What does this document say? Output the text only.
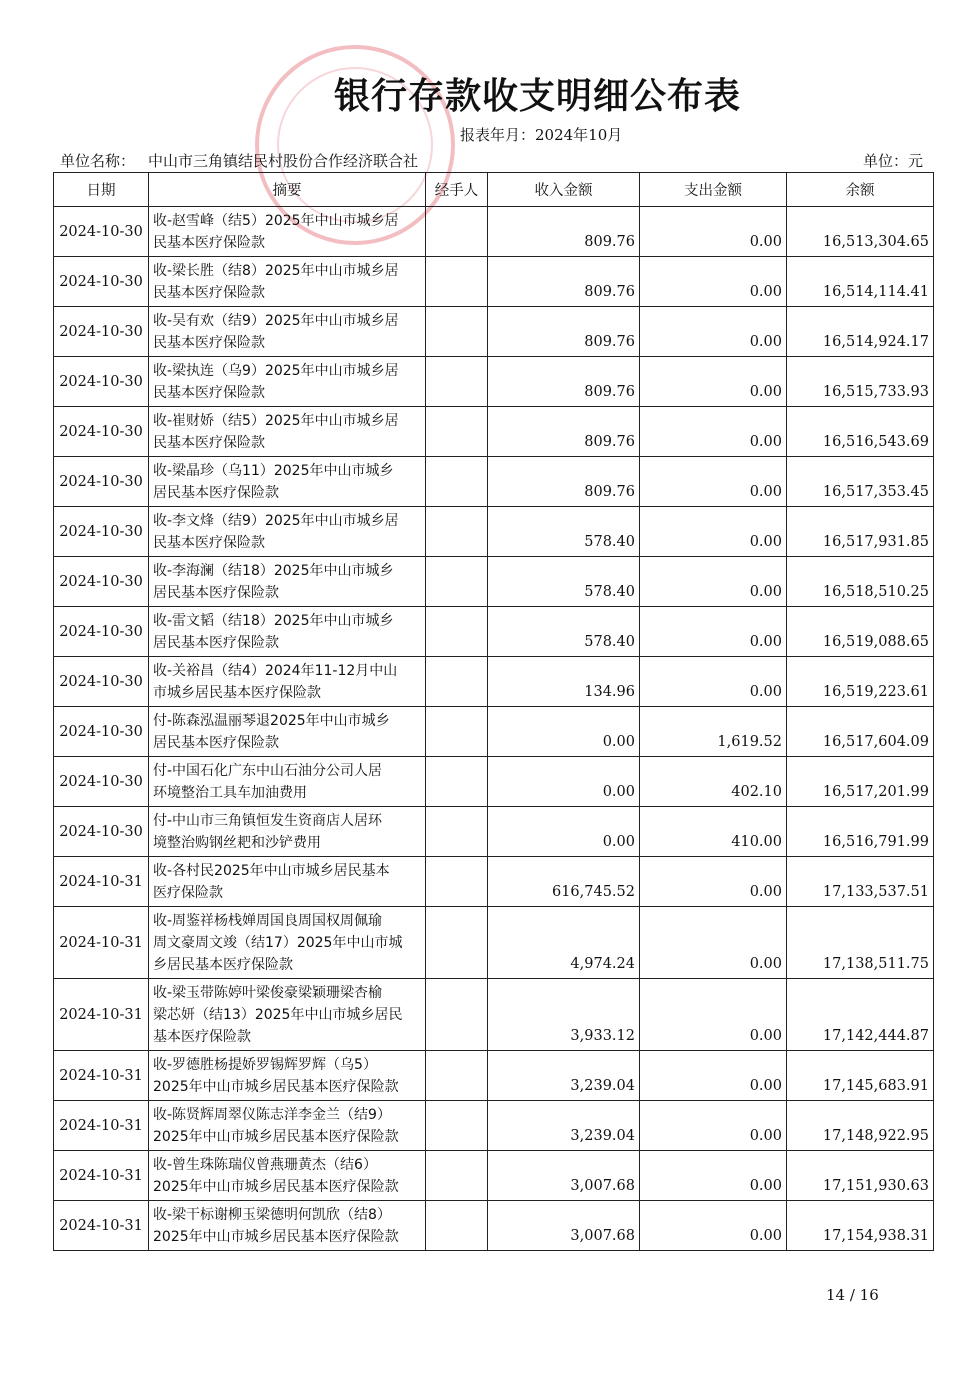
银行存款收支明细公布表
报表年月：2024年10月
单位名称： 中山市三角镇结民村股份合作经济联合社	单位：元
日期	摘要	经手人	收入金额	支出金额	余额
2024-10-30	收-赵雪峰（结5）2025年中山市城乡居
民基本医疗保险款		809.76	0.00	16,513,304.65
2024-10-30	收-梁长胜（结8）2025年中山市城乡居
民基本医疗保险款		809.76	0.00	16,514,114.41
2024-10-30	收-吴有欢（结9）2025年中山市城乡居
民基本医疗保险款		809.76	0.00	16,514,924.17
2024-10-30	收-梁执连（乌9）2025年中山市城乡居
民基本医疗保险款		809.76	0.00	16,515,733.93
2024-10-30	收-崔财娇（结5）2025年中山市城乡居
民基本医疗保险款		809.76	0.00	16,516,543.69
2024-10-30	收-梁晶珍（乌11）2025年中山市城乡
居民基本医疗保险款		809.76	0.00	16,517,353.45
2024-10-30	收-李文烽（结9）2025年中山市城乡居
民基本医疗保险款		578.40	0.00	16,517,931.85
2024-10-30	收-李海澜（结18）2025年中山市城乡
居民基本医疗保险款		578.40	0.00	16,518,510.25
2024-10-30	收-雷文韬（结18）2025年中山市城乡
居民基本医疗保险款		578.40	0.00	16,519,088.65
2024-10-30	收-关裕昌（结4）2024年11-12月中山
市城乡居民基本医疗保险款		134.96	0.00	16,519,223.61
2024-10-30	付-陈森泓温丽琴退2025年中山市城乡
居民基本医疗保险款		0.00	1,619.52	16,517,604.09
2024-10-30	付-中国石化广东中山石油分公司人居
环境整治工具车加油费用		0.00	402.10	16,517,201.99
2024-10-30	付-中山市三角镇恒发生资商店人居环
境整治购钢丝耙和沙铲费用		0.00	410.00	16,516,791.99
2024-10-31	收-各村民2025年中山市城乡居民基本
医疗保险款		616,745.52	0.00	17,133,537.51
2024-10-31	收-周鉴祥杨栈婵周国良周国权周佩瑜
周文豪周文竣（结17）2025年中山市城
乡居民基本医疗保险款		4,974.24	0.00	17,138,511.75
2024-10-31	收-梁玉带陈婷叶梁俊豪梁颖珊梁杏榆
梁芯妍（结13）2025年中山市城乡居民
基本医疗保险款		3,933.12	0.00	17,142,444.87
2024-10-31	收-罗德胜杨提娇罗锡辉罗辉（乌5）
2025年中山市城乡居民基本医疗保险款		3,239.04	0.00	17,145,683.91
2024-10-31	收-陈贤辉周翠仪陈志洋李金兰（结9）
2025年中山市城乡居民基本医疗保险款		3,239.04	0.00	17,148,922.95
2024-10-31	收-曾生珠陈瑞仪曾燕珊黄杰（结6）
2025年中山市城乡居民基本医疗保险款		3,007.68	0.00	17,151,930.63
2024-10-31	收-梁干标谢柳玉梁德明何凯欣（结8）
2025年中山市城乡居民基本医疗保险款		3,007.68	0.00	17,154,938.31
14 / 16
